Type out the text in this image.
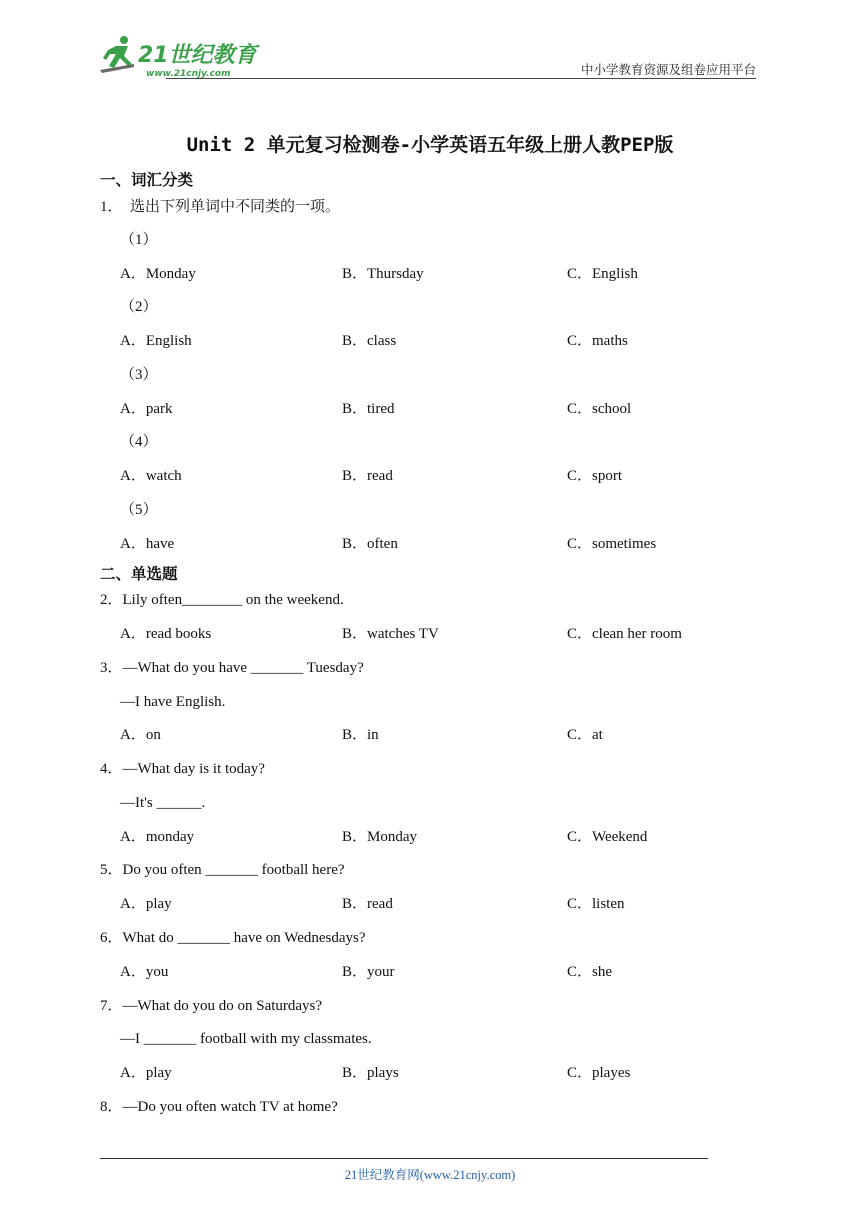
21世纪教育
www.21cnjy.com	中小学教育资源及组卷应用平台
Unit 2 单元复习检测卷-小学英语五年级上册人教PEP版
一、词汇分类
1．  选出下列单词中不同类的一项。
（1）
A．Monday	B．Thursday	C．English
（2）
A．English	B．class	C．maths
（3）
A．park	B．tired	C．school
（4）
A．watch	B．read	C．sport
（5）
A．have	B．often	C．sometimes
二、单选题
2．Lily often________ on the weekend.
A．read books	B．watches TV	C．clean her room
3．—What do you have _______ Tuesday?
—I have English.
A．on	B．in	C．at
4．—What day is it today?
—It's ______.
A．monday	B．Monday	C．Weekend
5．Do you often _______ football here?
A．play	B．read	C．listen
6．What do _______ have on Wednesdays?
A．you	B．your	C．she
7．—What do you do on Saturdays?
—I _______ football with my classmates.
A．play	B．plays	C．playes
8．—Do you often watch TV at home?
21世纪教育网(www.21cnjy.com)
